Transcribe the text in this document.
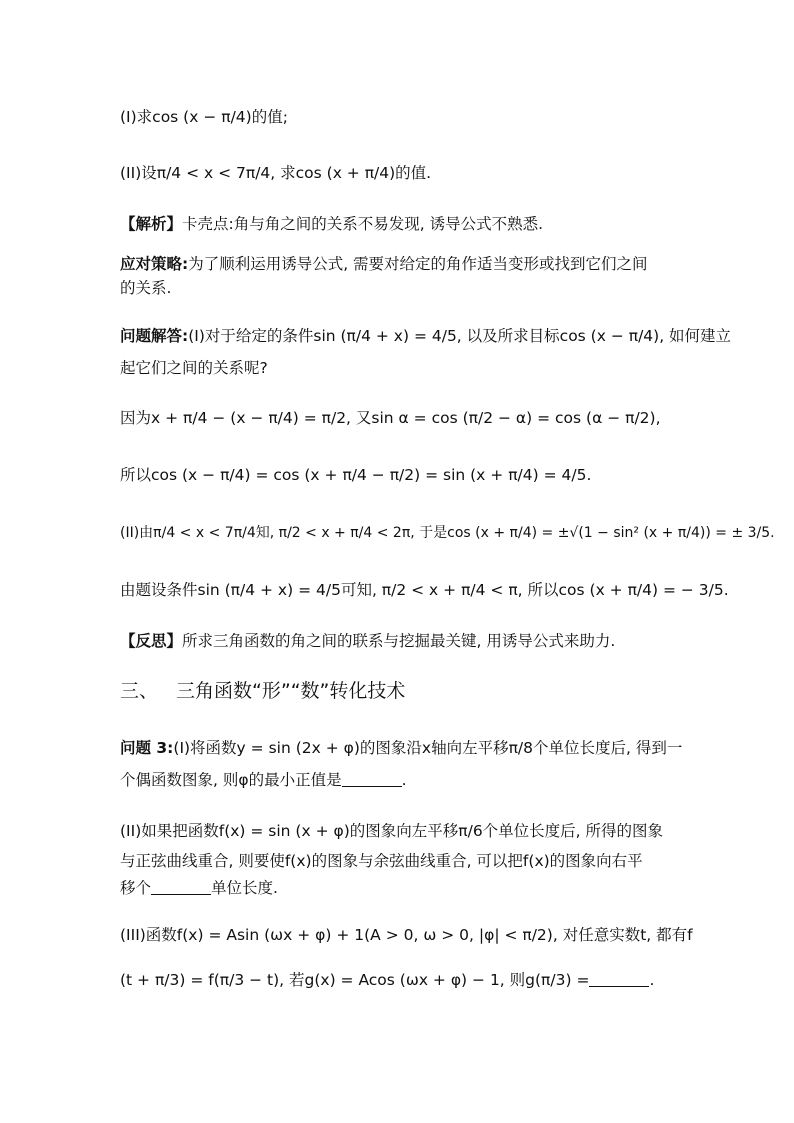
(I)求cos (x − π/4)的值;
(II)设π/4 < x < 7π/4, 求cos (x + π/4)的值.
【解析】卡壳点:角与角之间的关系不易发现, 诱导公式不熟悉.
应对策略:为了顺利运用诱导公式, 需要对给定的角作适当变形或找到它们之间
的关系.
问题解答:(I)对于给定的条件sin (π/4 + x) = 4/5, 以及所求目标cos (x − π/4), 如何建立
起它们之间的关系呢?
因为x + π/4 − (x − π/4) = π/2, 又sin α = cos (π/2 − α) = cos (α − π/2),
所以cos (x − π/4) = cos (x + π/4 − π/2) = sin (x + π/4) = 4/5.
(II)由π/4 < x < 7π/4知, π/2 < x + π/4 < 2π, 于是cos (x + π/4) = ±√(1 − sin² (x + π/4)) = ± 3/5.
由题设条件sin (π/4 + x) = 4/5可知, π/2 < x + π/4 < π, 所以cos (x + π/4) = − 3/5.
【反思】所求三角函数的角之间的联系与挖掘最关键, 用诱导公式来助力.
三、 三角函数“形”“数”转化技术
问题 3:(I)将函数y = sin (2x + φ)的图象沿x轴向左平移π/8个单位长度后, 得到一
个偶函数图象, 则φ的最小正值是	.
(II)如果把函数f(x) = sin (x + φ)的图象向左平移π/6个单位长度后, 所得的图象
与正弦曲线重合, 则要使f(x)的图象与余弦曲线重合, 可以把f(x)的图象向右平
移个	单位长度.
(III)函数f(x) = Asin (ωx + φ) + 1(A > 0, ω > 0, |φ| < π/2), 对任意实数t, 都有f
(t + π/3) = f(π/3 − t), 若g(x) = Acos (ωx + φ) − 1, 则g(π/3) =	.
